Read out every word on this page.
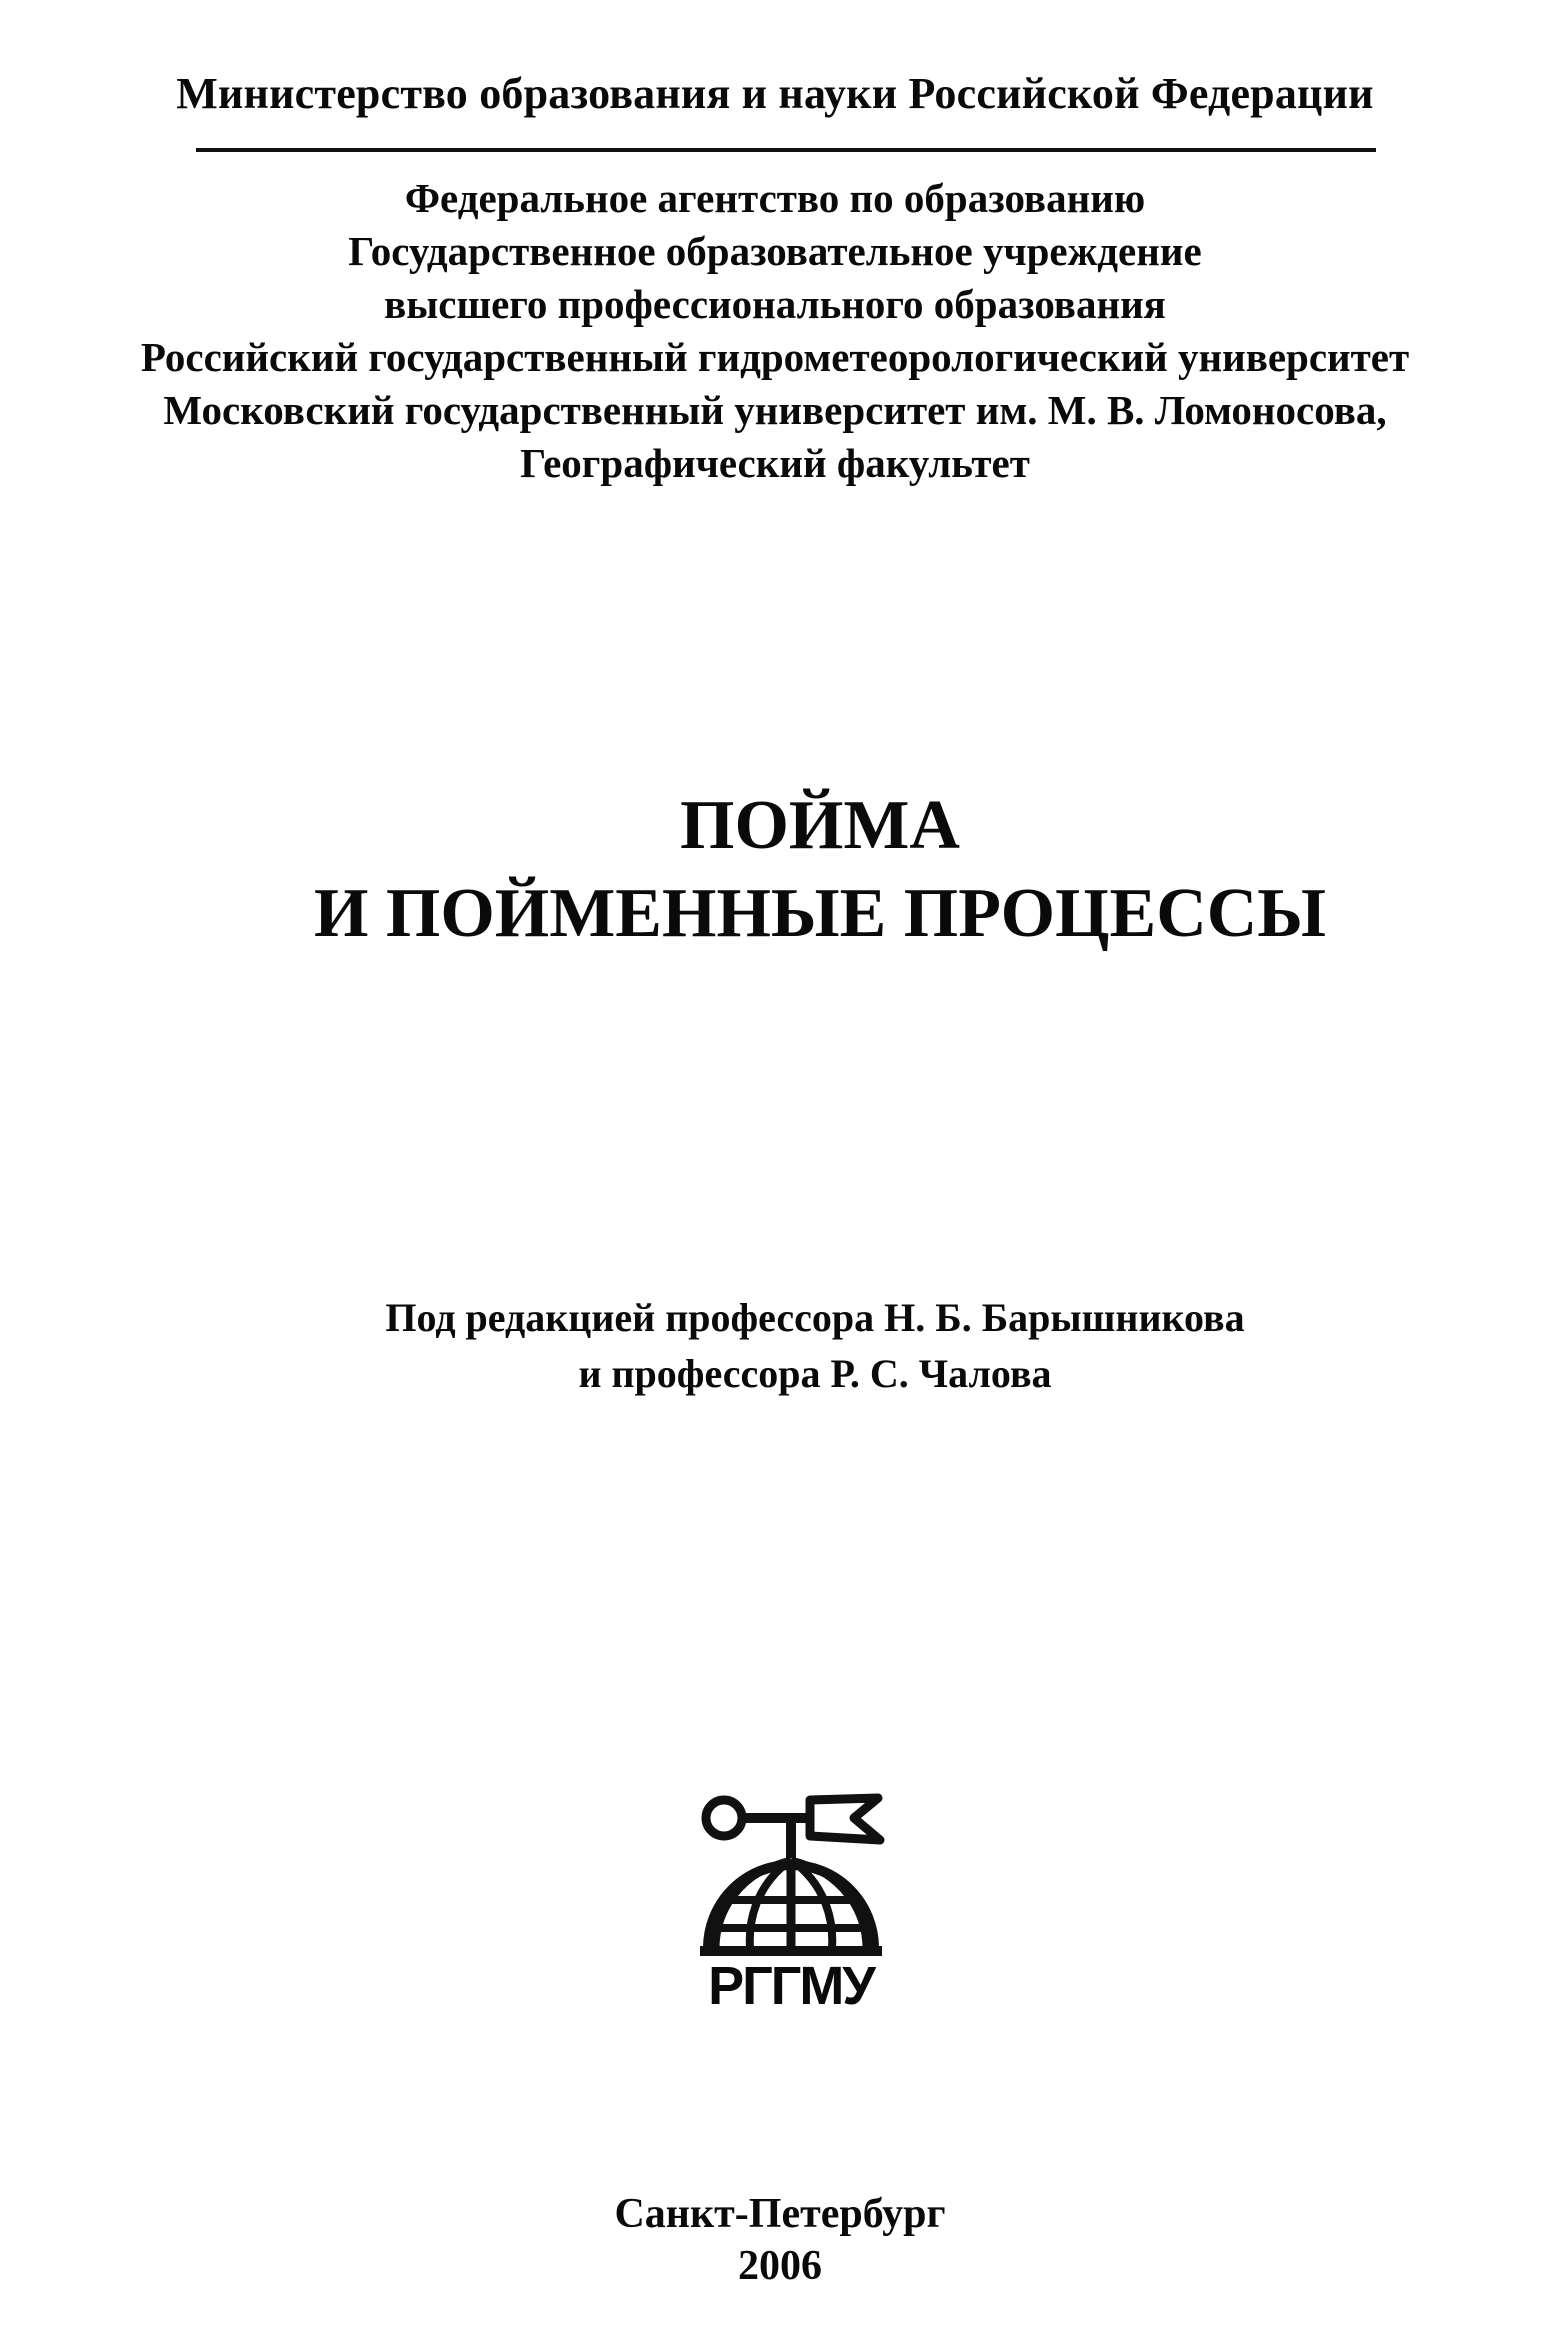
Министерство образования и науки Российской Федерации
Федеральное агентство по образованию
Государственное образовательное учреждение
высшего профессионального образования
Российский государственный гидрометеорологический университет
Московский государственный университет им. М. В. Ломоносова,
Географический факультет
ПОЙМА
И ПОЙМЕННЫЕ ПРОЦЕССЫ
Под редакцией профессора Н. Б. Барышникова
и профессора Р. С. Чалова
РГГМУ
Санкт-Петербург
2006
